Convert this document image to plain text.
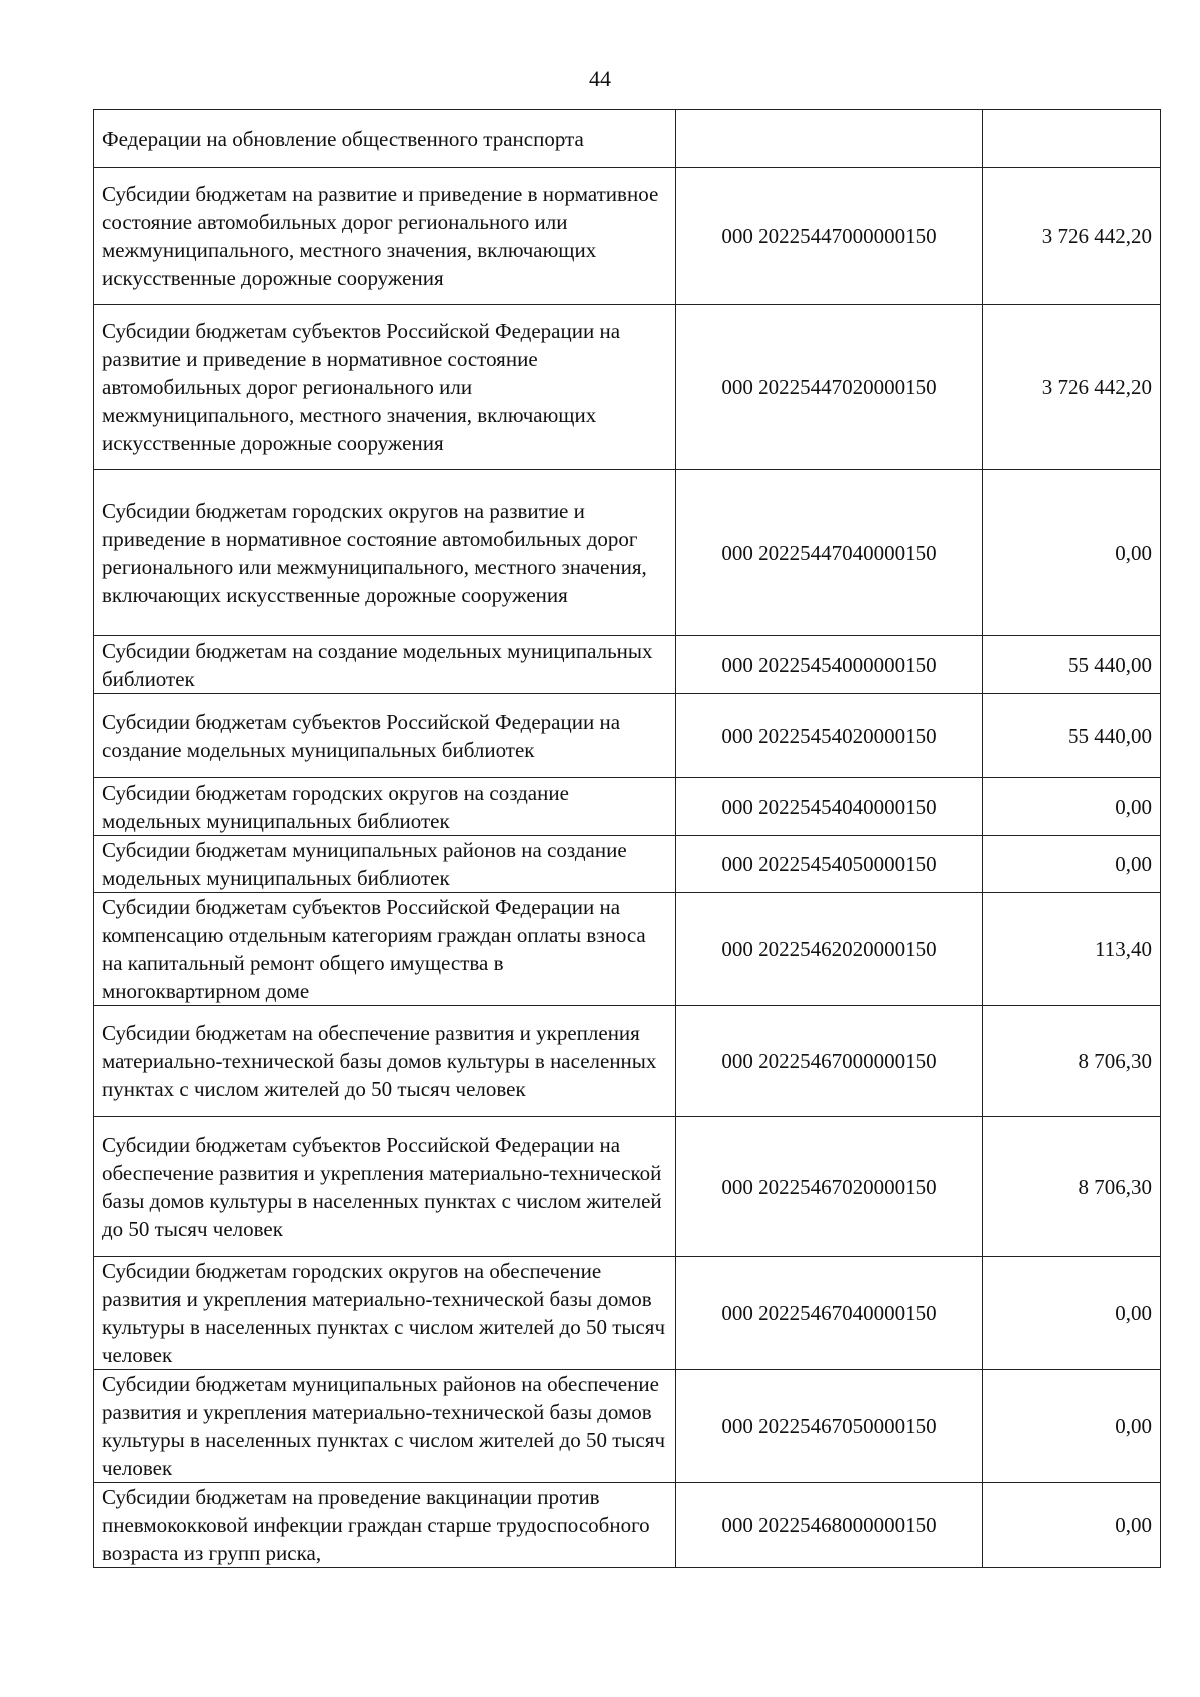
44
Федерации на обновление общественного транспорта		
Субсидии бюджетам на развитие и приведение в нормативное состояние автомобильных дорог регионального или межмуниципального, местного значения, включающих искусственные дорожные сооружения	000 20225447000000150	3 726 442,20
Субсидии бюджетам субъектов Российской Федерации на развитие и приведение в нормативное состояние автомобильных дорог регионального или межмуниципального, местного значения, включающих искусственные дорожные сооружения	000 20225447020000150	3 726 442,20
Субсидии бюджетам городских округов на развитие и приведение в нормативное состояние автомобильных дорог регионального или межмуниципального, местного значения, включающих искусственные дорожные сооружения	000 20225447040000150	0,00
Субсидии бюджетам на создание модельных муниципальных библиотек	000 20225454000000150	55 440,00
Субсидии бюджетам субъектов Российской Федерации на создание модельных муниципальных библиотек	000 20225454020000150	55 440,00
Субсидии бюджетам городских округов на создание модельных муниципальных библиотек	000 20225454040000150	0,00
Субсидии бюджетам муниципальных районов на создание модельных муниципальных библиотек	000 20225454050000150	0,00
Субсидии бюджетам субъектов Российской Федерации на компенсацию отдельным категориям граждан оплаты взноса на капитальный ремонт общего имущества в многоквартирном доме	000 20225462020000150	113,40
Субсидии бюджетам на обеспечение развития и укрепления материально-технической базы домов культуры в населенных пунктах с числом жителей до 50 тысяч человек	000 20225467000000150	8 706,30
Субсидии бюджетам субъектов Российской Федерации на обеспечение развития и укрепления материально-технической базы домов культуры в населенных пунктах с числом жителей до 50 тысяч человек	000 20225467020000150	8 706,30
Субсидии бюджетам городских округов на обеспечение развития и укрепления материально-технической базы домов культуры в населенных пунктах с числом жителей до 50 тысяч человек	000 20225467040000150	0,00
Субсидии бюджетам муниципальных районов на обеспечение развития и укрепления материально-технической базы домов культуры в населенных пунктах с числом жителей до 50 тысяч человек	000 20225467050000150	0,00
Субсидии бюджетам на проведение вакцинации против пневмококковой инфекции граждан старше трудоспособного возраста из групп риска,	000 20225468000000150	0,00
